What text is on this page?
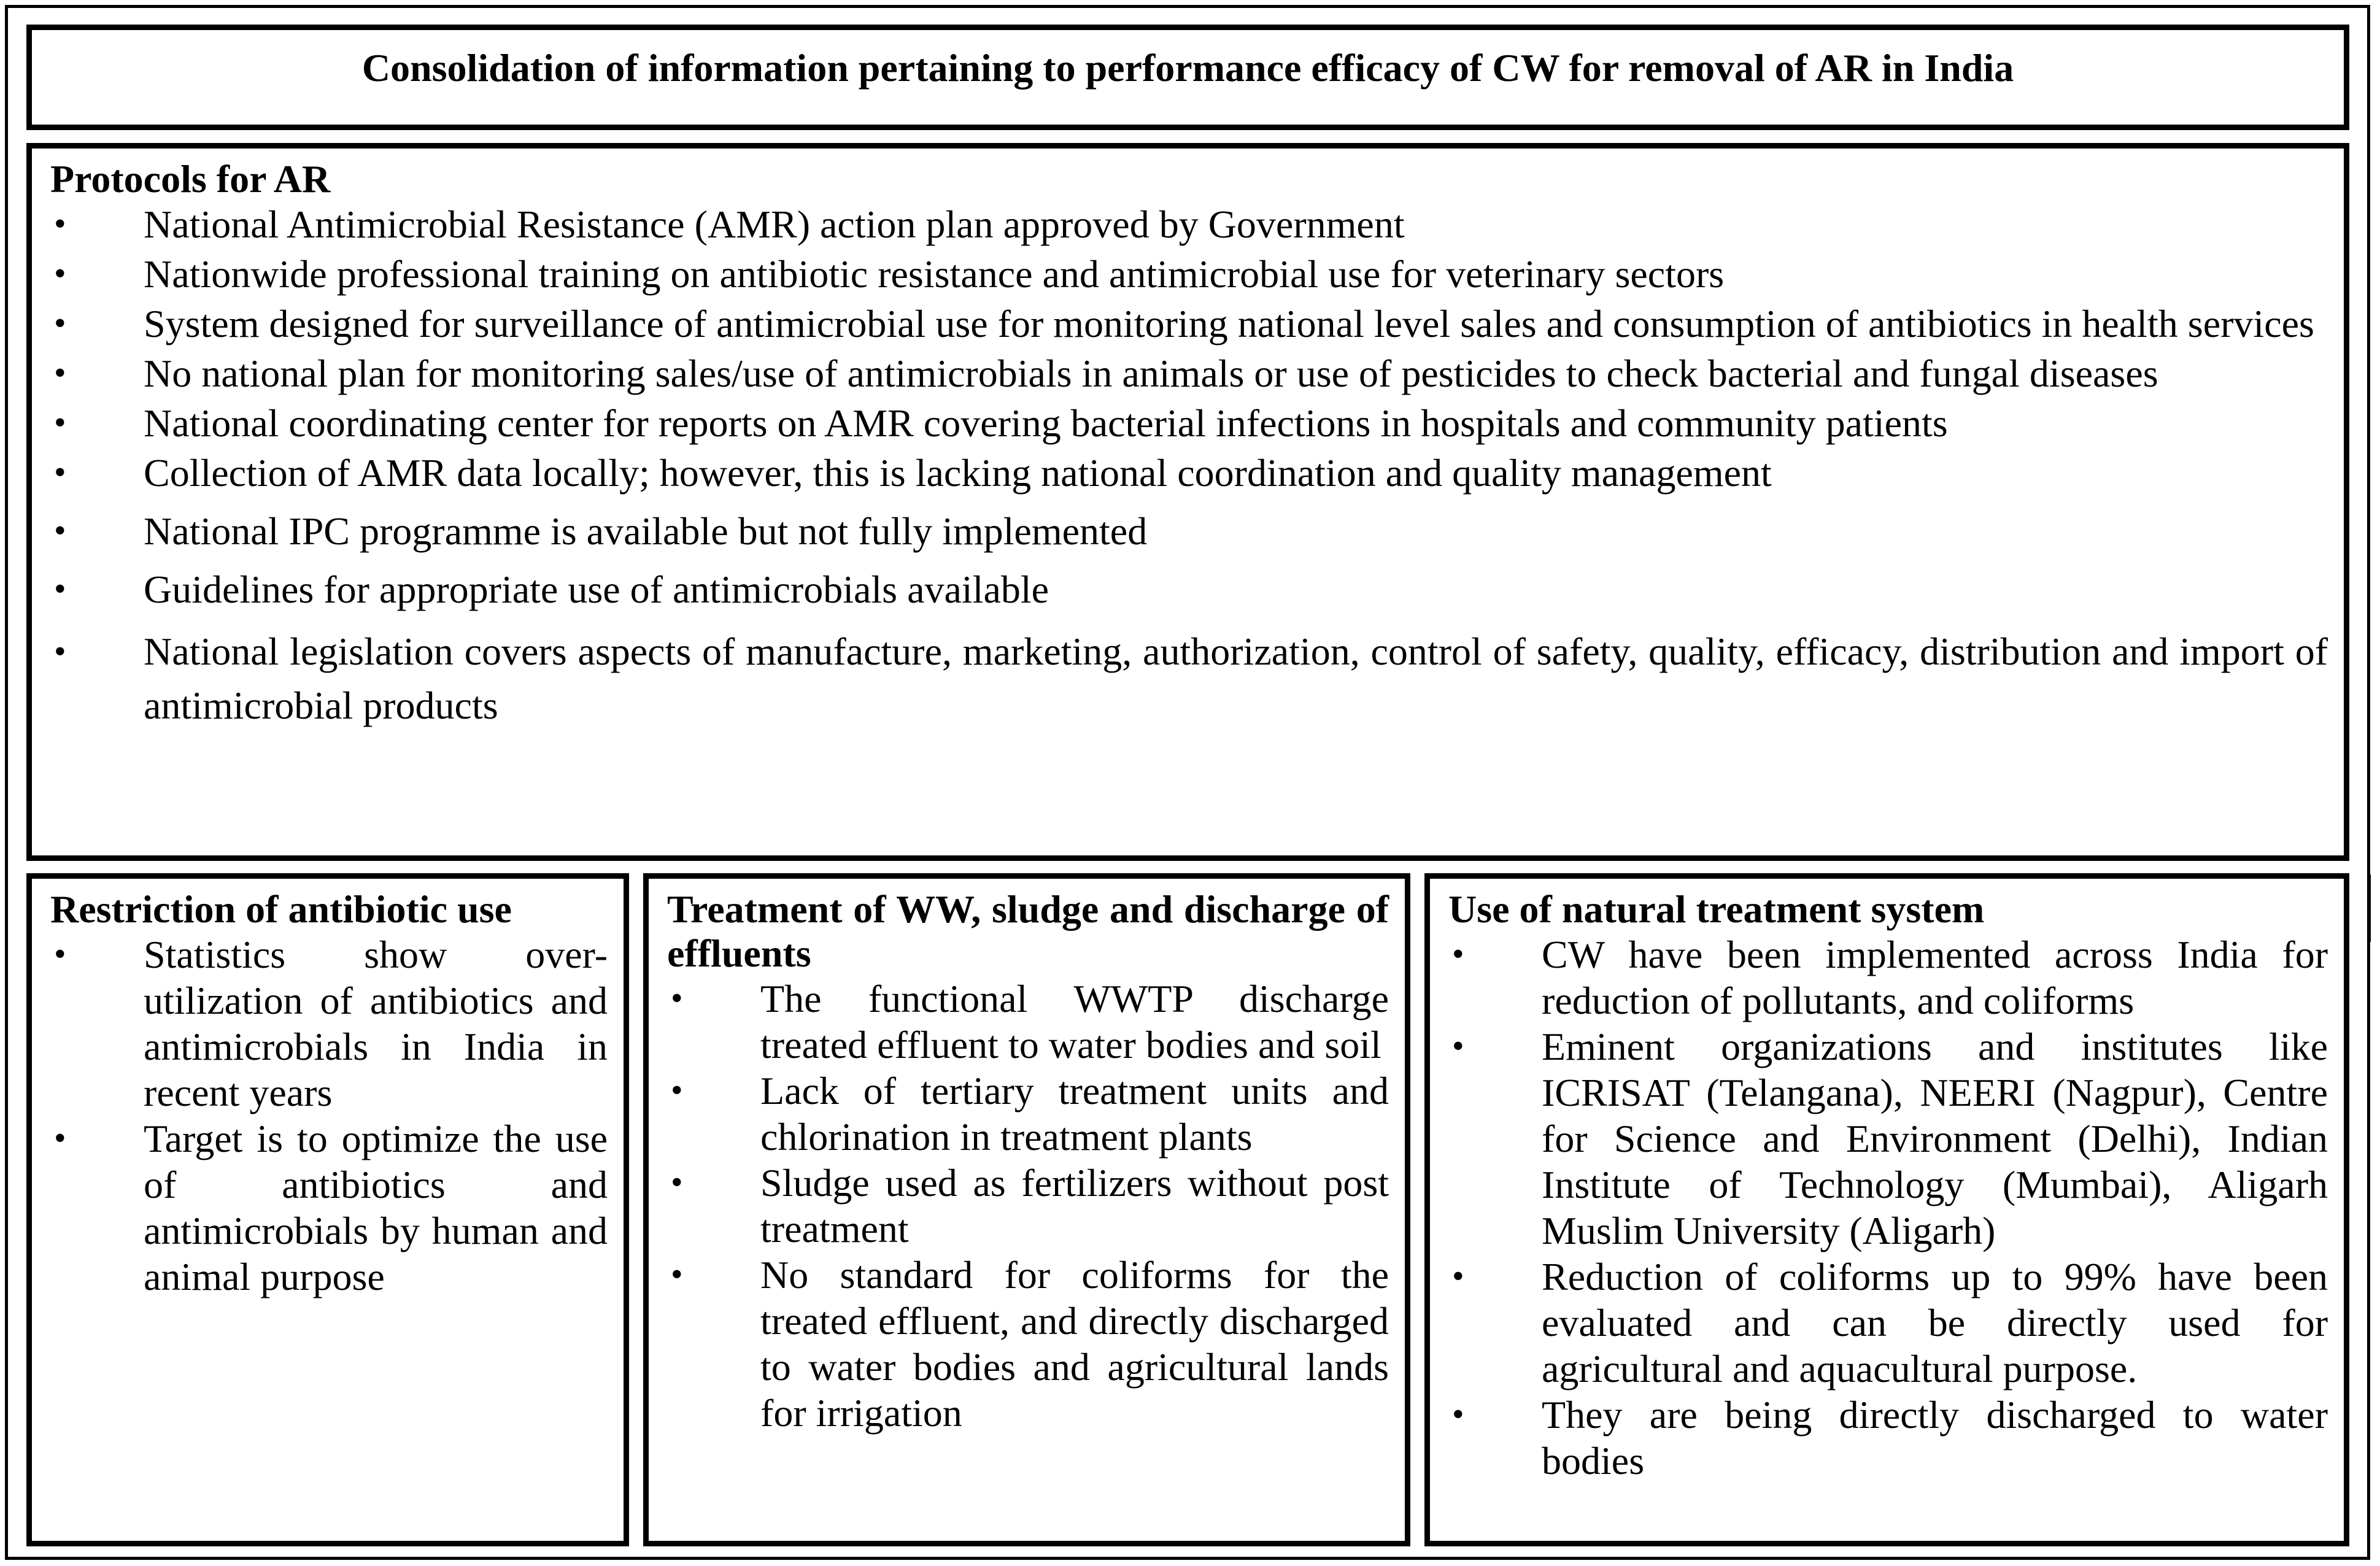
Consolidation of information pertaining to performance efficacy of CW for removal of AR in India
Protocols for AR
• National Antimicrobial Resistance (AMR) action plan approved by Government
• Nationwide professional training on antibiotic resistance and antimicrobial use for veterinary sectors
• System designed for surveillance of antimicrobial use for monitoring national level sales and consumption of antibiotics in health services
• No national plan for monitoring sales/use of antimicrobials in animals or use of pesticides to check bacterial and fungal diseases
• National coordinating center for reports on AMR covering bacterial infections in hospitals and community patients
• Collection of AMR data locally; however, this is lacking national coordination and quality management
• National IPC programme is available but not fully implemented
• Guidelines for appropriate use of antimicrobials available
• National legislation covers aspects of manufacture, marketing, authorization, control of safety, quality, efficacy, distribution and import of antimicrobial products
Restriction of antibiotic use
• Statistics show over-utilization of antibiotics and antimicrobials in India in recent years
• Target is to optimize the use of antibiotics and antimicrobials by human and animal purpose
Treatment of WW, sludge and discharge of effluents
• The functional WWTP discharge treated effluent to water bodies and soil
• Lack of tertiary treatment units and chlorination in treatment plants
• Sludge used as fertilizers without post treatment
• No standard for coliforms for the treated effluent, and directly discharged to water bodies and agricultural lands for irrigation
Use of natural treatment system
• CW have been implemented across India for reduction of pollutants, and coliforms
• Eminent organizations and institutes like ICRISAT (Telangana), NEERI (Nagpur), Centre for Science and Environment (Delhi), Indian Institute of Technology (Mumbai), Aligarh Muslim University (Aligarh)
• Reduction of coliforms up to 99% have been evaluated and can be directly used for agricultural and aquacultural purpose.
• They are being directly discharged to water bodies
